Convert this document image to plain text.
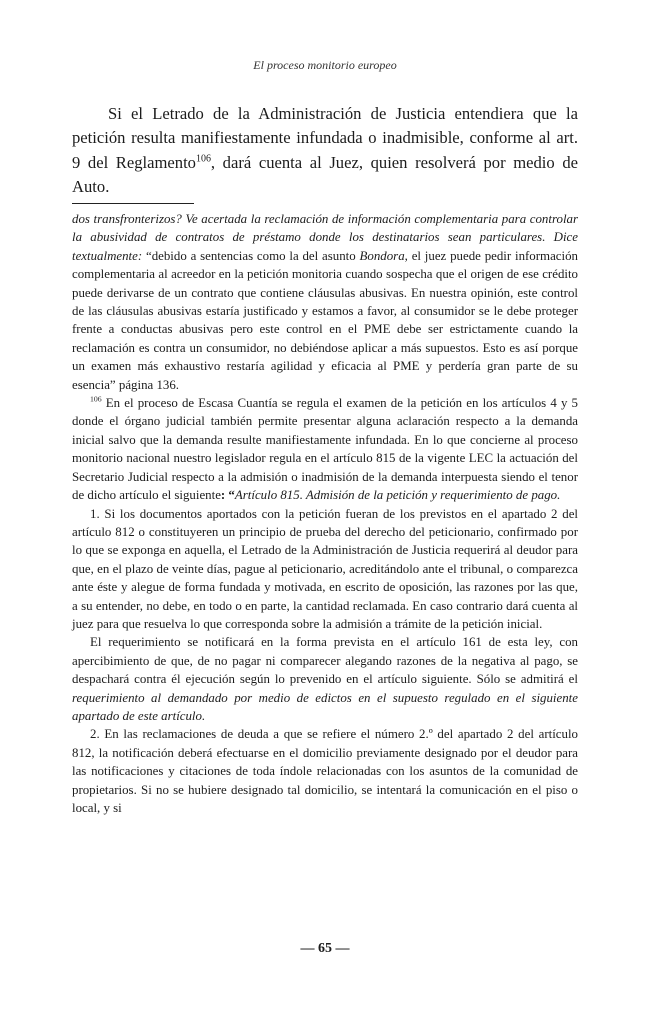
El proceso monitorio europeo

Si el Letrado de la Administración de Justicia entendiera que la petición resulta manifiestamente infundada o inadmisible, conforme al art. 9 del Reglamento$^{106}$, dará cuenta al Juez, quien resolverá por medio de Auto.

dos transfronterizos? Ve acertada la reclamación de información complementaria para controlar la abusividad de contratos de préstamo donde los destinatarios sean particulares. Dice textualmente: “debido a sentencias como la del asunto Bondora, el juez puede pedir información complementaria al acreedor en la petición monitoria cuando sospecha que el origen de ese crédito puede derivarse de un contrato que contiene cláusulas abusivas. En nuestra opinión, este control de las cláusulas abusivas estaría justificado y estamos a favor, al consumidor se le debe proteger frente a conductas abusivas pero este control en el PME debe ser estrictamente cuando la reclamación es contra un consumidor, no debiéndose aplicar a más supuestos. Esto es así porque un examen más exhaustivo restaría agilidad y eficacia al PME y perdería gran parte de su esencia” página 136.

$^{106}$ En el proceso de Escasa Cuantía se regula el examen de la petición en los artículos 4 y 5 donde el órgano judicial también permite presentar alguna aclaración respecto a la demanda inicial salvo que la demanda resulte manifiestamente infundada. En lo que concierne al proceso monitorio nacional nuestro legislador regula en el artículo 815 de la vigente LEC la actuación del Secretario Judicial respecto a la admisión o inadmisión de la demanda interpuesta siendo el tenor de dicho artículo el siguiente: “Artículo 815. Admisión de la petición y requerimiento de pago.

1. Si los documentos aportados con la petición fueran de los previstos en el apartado 2 del artículo 812 o constituyeren un principio de prueba del derecho del peticionario, confirmado por lo que se exponga en aquella, el Letrado de la Administración de Justicia requerirá al deudor para que, en el plazo de veinte días, pague al peticionario, acreditándolo ante el tribunal, o comparezca ante éste y alegue de forma fundada y motivada, en escrito de oposición, las razones por las que, a su entender, no debe, en todo o en parte, la cantidad reclamada. En caso contrario dará cuenta al juez para que resuelva lo que corresponda sobre la admisión a trámite de la petición inicial.

El requerimiento se notificará en la forma prevista en el artículo 161 de esta ley, con apercibimiento de que, de no pagar ni comparecer alegando razones de la negativa al pago, se despachará contra él ejecución según lo prevenido en el artículo siguiente. Sólo se admitirá el requerimiento al demandado por medio de edictos en el supuesto regulado en el siguiente apartado de este artículo.

2. En las reclamaciones de deuda a que se refiere el número 2.º del apartado 2 del artículo 812, la notificación deberá efectuarse en el domicilio previamente designado por el deudor para las notificaciones y citaciones de toda índole relacionadas con los asuntos de la comunidad de propietarios. Si no se hubiere designado tal domicilio, se intentará la comunicación en el piso o local, y si

— 65 —
